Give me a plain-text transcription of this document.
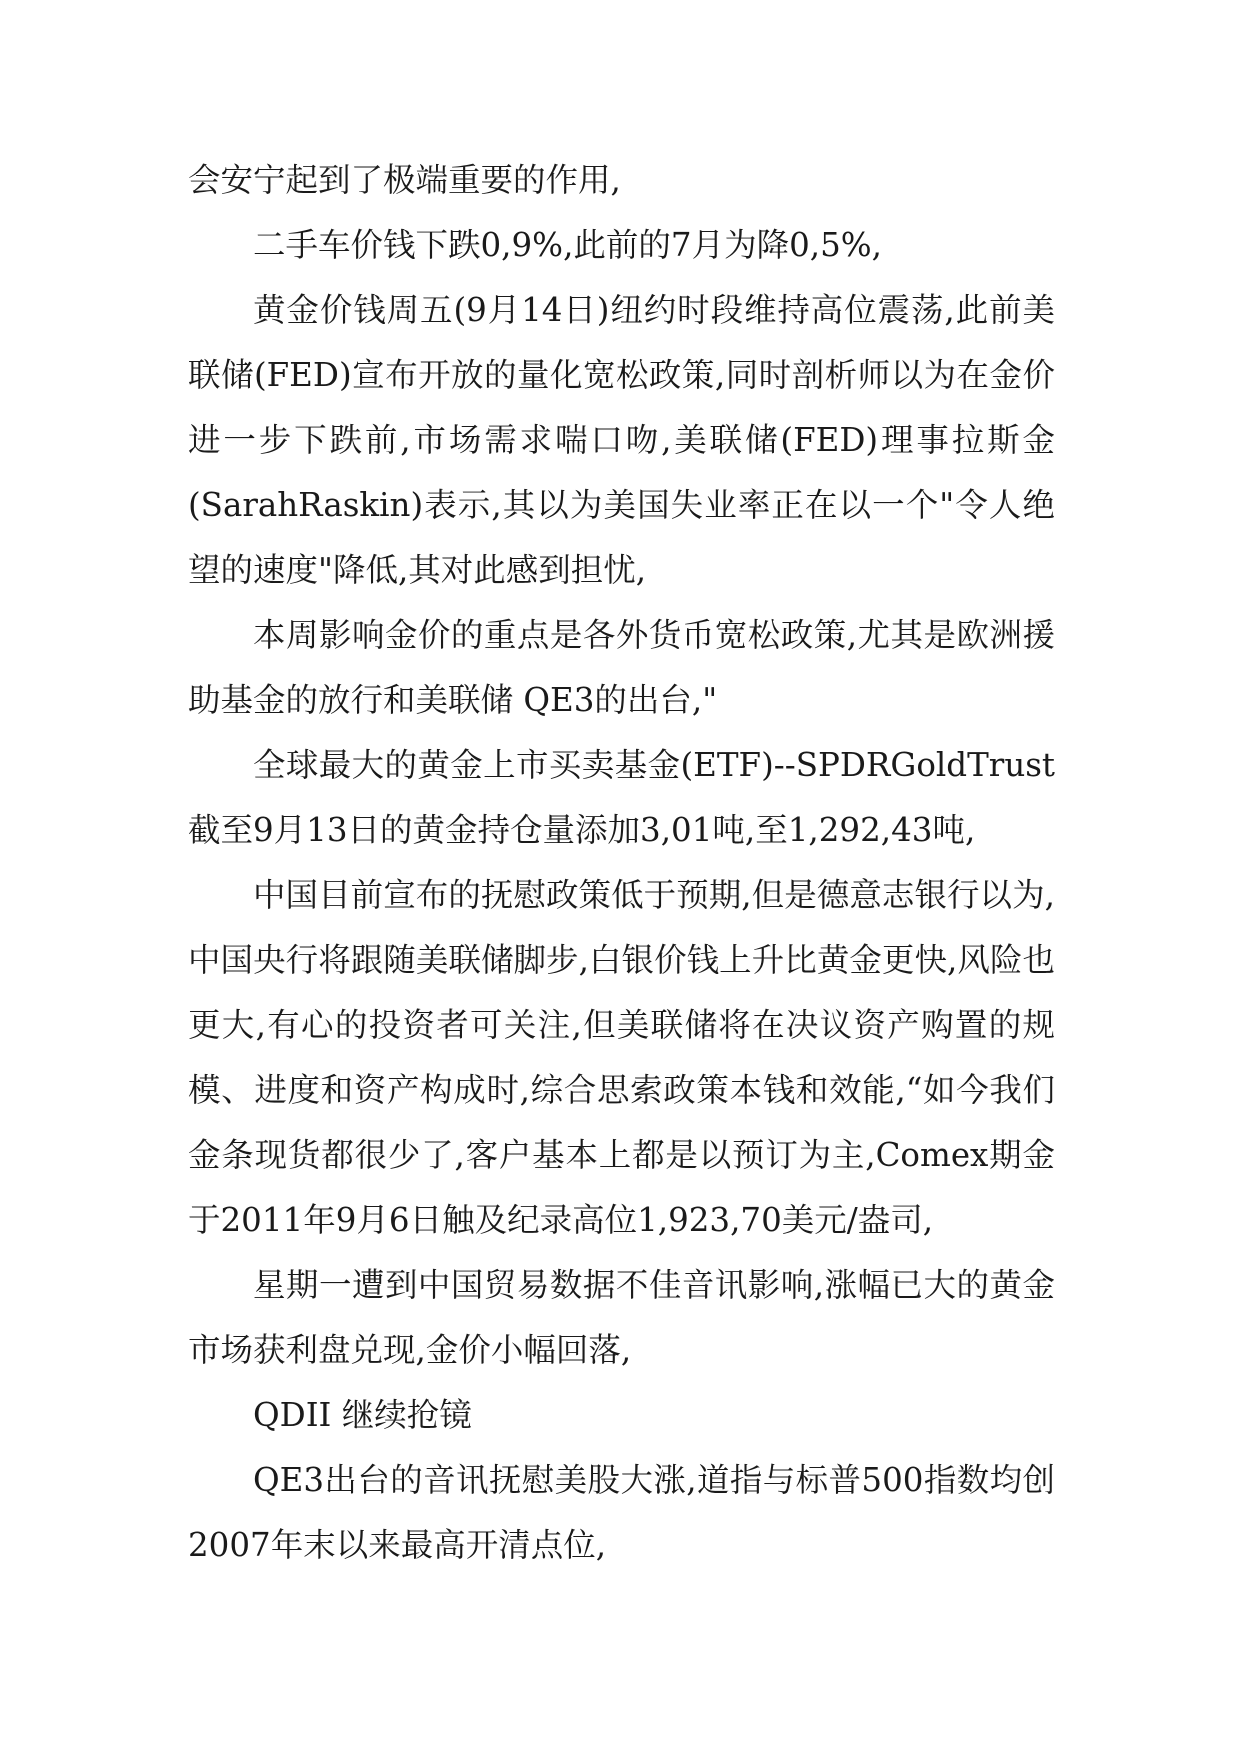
会安宁起到了极端重要的作用,

二手车价钱下跌0,9%,此前的7月为降0,5%,

黄金价钱周五(9月14日)纽约时段维持高位震荡,此前美联储(FED)宣布开放的量化宽松政策,同时剖析师以为在金价进一步下跌前,市场需求喘口吻,美联储(FED)理事拉斯金(SarahRaskin)表示,其以为美国失业率正在以一个"令人绝望的速度"降低,其对此感到担忧,

本周影响金价的重点是各外货币宽松政策,尤其是欧洲援助基金的放行和美联储 QE3的出台,"

全球最大的黄金上市买卖基金(ETF)--SPDRGoldTrust截至9月13日的黄金持仓量添加3,01吨,至1,292,43吨,

中国目前宣布的抚慰政策低于预期,但是德意志银行以为,中国央行将跟随美联储脚步,白银价钱上升比黄金更快,风险也更大,有心的投资者可关注,但美联储将在决议资产购置的规模、进度和资产构成时,综合思索政策本钱和效能,“如今我们金条现货都很少了,客户基本上都是以预订为主,Comex期金于2011年9月6日触及纪录高位1,923,70美元/盎司,

星期一遭到中国贸易数据不佳音讯影响,涨幅已大的黄金市场获利盘兑现,金价小幅回落,

QDII 继续抢镜

QE3出台的音讯抚慰美股大涨,道指与标普500指数均创2007年末以来最高开清点位,
